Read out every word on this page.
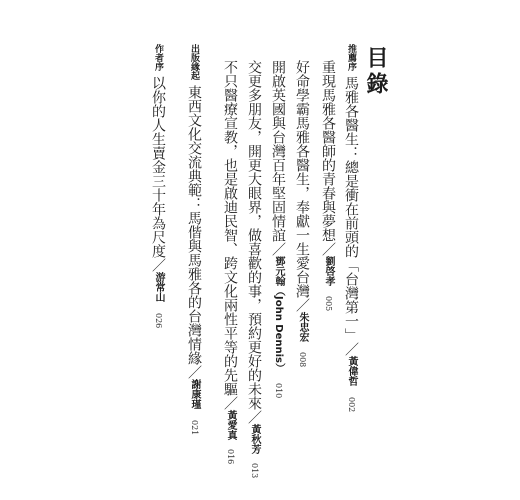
目錄
推薦序馬雅各醫生：總是衝在前頭的「台灣第一」／黃偉哲 002
重現馬雅各醫師的青春與夢想／劉啓孝 005
好命學霸馬雅各醫生，奉獻一生愛台灣／朱忠宏 008
開啟英國與台灣百年堅固情誼／鄧元翰（John Dennis） 010
交更多朋友，開更大眼界，做喜歡的事，預約更好的未來／黃秋芳 013
不只醫療宣教，也是啟迪民智、跨文化兩性平等的先驅／黃愛真 016
出版緣起東西文化交流典範：馬偕與馬雅各的台灣情緣／謝康瑾 021
作者序以你的人生賣金三十年為尺度／游常山 026
